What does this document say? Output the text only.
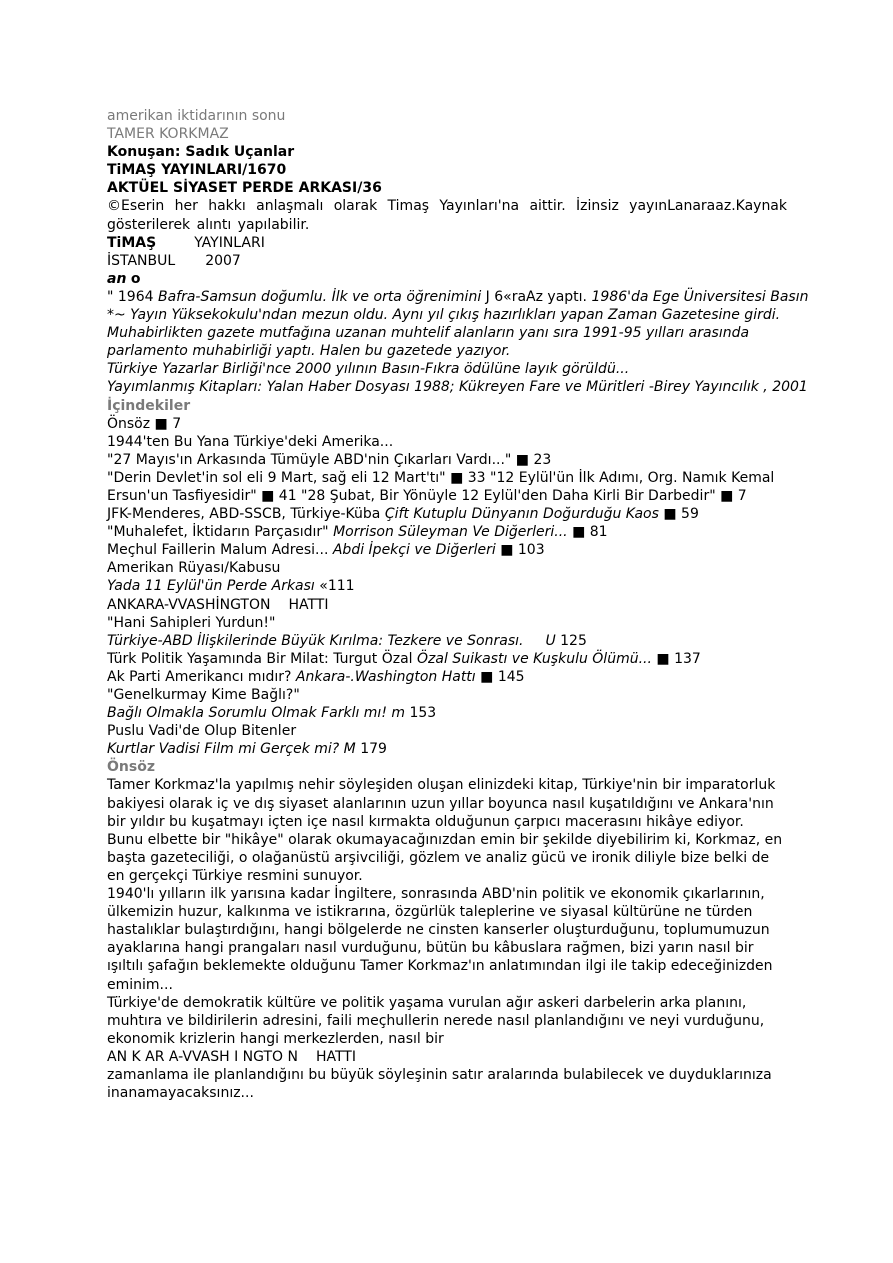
amerikan iktidarının sonu
TAMER KORKMAZ
Konuşan: Sadık Uçanlar
TiMAŞ YAYINLARI/1670
AKTÜEL SİYASET PERDE ARKASI/36
©Eserin her hakkı anlaşmalı olarak Timaş Yayınları'na aittir. İzinsiz yayınLanaraaz.Kaynak gösterilerek alıntı yapılabilir.
TiMAŞ	YAYINLARI
İSTANBUL 2007
an o
" 1964 Bafra-Samsun doğumlu. İlk ve orta öğrenimini J 6«raAz yaptı. 1986'da Ege Üniversitesi Basın
*~ Yayın Yüksekokulu'ndan mezun oldu. Aynı yıl çıkış hazırlıkları yapan Zaman Gazetesine girdi. Muhabirlikten gazete mutfağına uzanan muhtelif alanların yanı sıra 1991-95 yılları arasında parlamento muhabirliği yaptı. Halen bu gazetede yazıyor.
Türkiye Yazarlar Birliği'nce 2000 yılının Basın-Fıkra ödülüne layık görüldü...
Yayımlanmış Kitapları: Yalan Haber Dosyası 1988; Kükreyen Fare ve Müritleri -Birey Yayıncılık , 2001
İçindekiler
Önsöz ■ 7
1944'ten Bu Yana Türkiye'deki Amerika...
"27 Mayıs'ın Arkasında Tümüyle ABD'nin Çıkarları Vardı..." ■ 23
"Derin Devlet'in sol eli 9 Mart, sağ eli 12 Mart'tı" ■ 33 "12 Eylül'ün İlk Adımı, Org. Namık Kemal Ersun'un Tasfiyesidir" ■ 41 "28 Şubat, Bir Yönüyle 12 Eylül'den Daha Kirli Bir Darbedir" ■ 7
JFK-Menderes, ABD-SSCB, Türkiye-Küba Çift Kutuplu Dünyanın Doğurduğu Kaos ■ 59
"Muhalefet, İktidarın Parçasıdır" Morrison Süleyman Ve Diğerleri... ■ 81
Meçhul Faillerin Malum Adresi... Abdi İpekçi ve Diğerleri ■ 103
Amerikan Rüyası/Kabusu
Yada 11 Eylül'ün Perde Arkası «111
ANKARA-VVASHİNGTON HATTI
"Hani Sahipleri Yurdun!"
Türkiye-ABD İlişkilerinde Büyük Kırılma: Tezkere ve Sonrası. U 125
Türk Politik Yaşamında Bir Milat: Turgut Özal Özal Suikastı ve Kuşkulu Ölümü... ■ 137
Ak Parti Amerikancı mıdır? Ankara-.Washington Hattı ■ 145
"Genelkurmay Kime Bağlı?"
Bağlı Olmakla Sorumlu Olmak Farklı mı! m 153
Puslu Vadi'de Olup Bitenler
Kurtlar Vadisi Film mi Gerçek mi? M 179
Önsöz
Tamer Korkmaz'la yapılmış nehir söyleşiden oluşan elinizdeki kitap, Türkiye'nin bir imparatorluk bakiyesi olarak iç ve dış siyaset alanlarının uzun yıllar boyunca nasıl kuşatıldığını ve Ankara'nın bir yıldır bu kuşatmayı içten içe nasıl kırmakta olduğunun çarpıcı macerasını hikâye ediyor.
Bunu elbette bir "hikâye" olarak okumayacağınızdan emin bir şekilde diyebilirim ki, Korkmaz, en başta gazeteciliği, o olağanüstü arşivciliği, gözlem ve analiz gücü ve ironik diliyle bize belki de en gerçekçi Türkiye resmini sunuyor.
1940'lı yılların ilk yarısına kadar İngiltere, sonrasında ABD'nin politik ve ekonomik çıkarlarının, ülkemizin huzur, kalkınma ve istikrarına, özgürlük taleplerine ve siyasal kültürüne ne türden hastalıklar bulaştırdığını, hangi bölgelerde ne cinsten kanserler oluşturduğunu, toplumumuzun ayaklarına hangi prangaları nasıl vurduğunu, bütün bu kâbuslara rağmen, bizi yarın nasıl bir ışıltılı şafağın beklemekte olduğunu Tamer Korkmaz'ın anlatımından ilgi ile takip edeceğinizden
eminim...
Türkiye'de demokratik kültüre ve politik yaşama vurulan ağır askeri darbelerin arka planını, muhtıra ve bildirilerin adresini, faili meçhullerin nerede nasıl planlandığını ve neyi vurduğunu, ekonomik krizlerin hangi merkezlerden, nasıl bir
AN K AR A-VVASH I NGTO N HATTI
zamanlama ile planlandığını bu büyük söyleşinin satır aralarında bulabilecek ve duyduklarınıza inanamayacaksınız...
